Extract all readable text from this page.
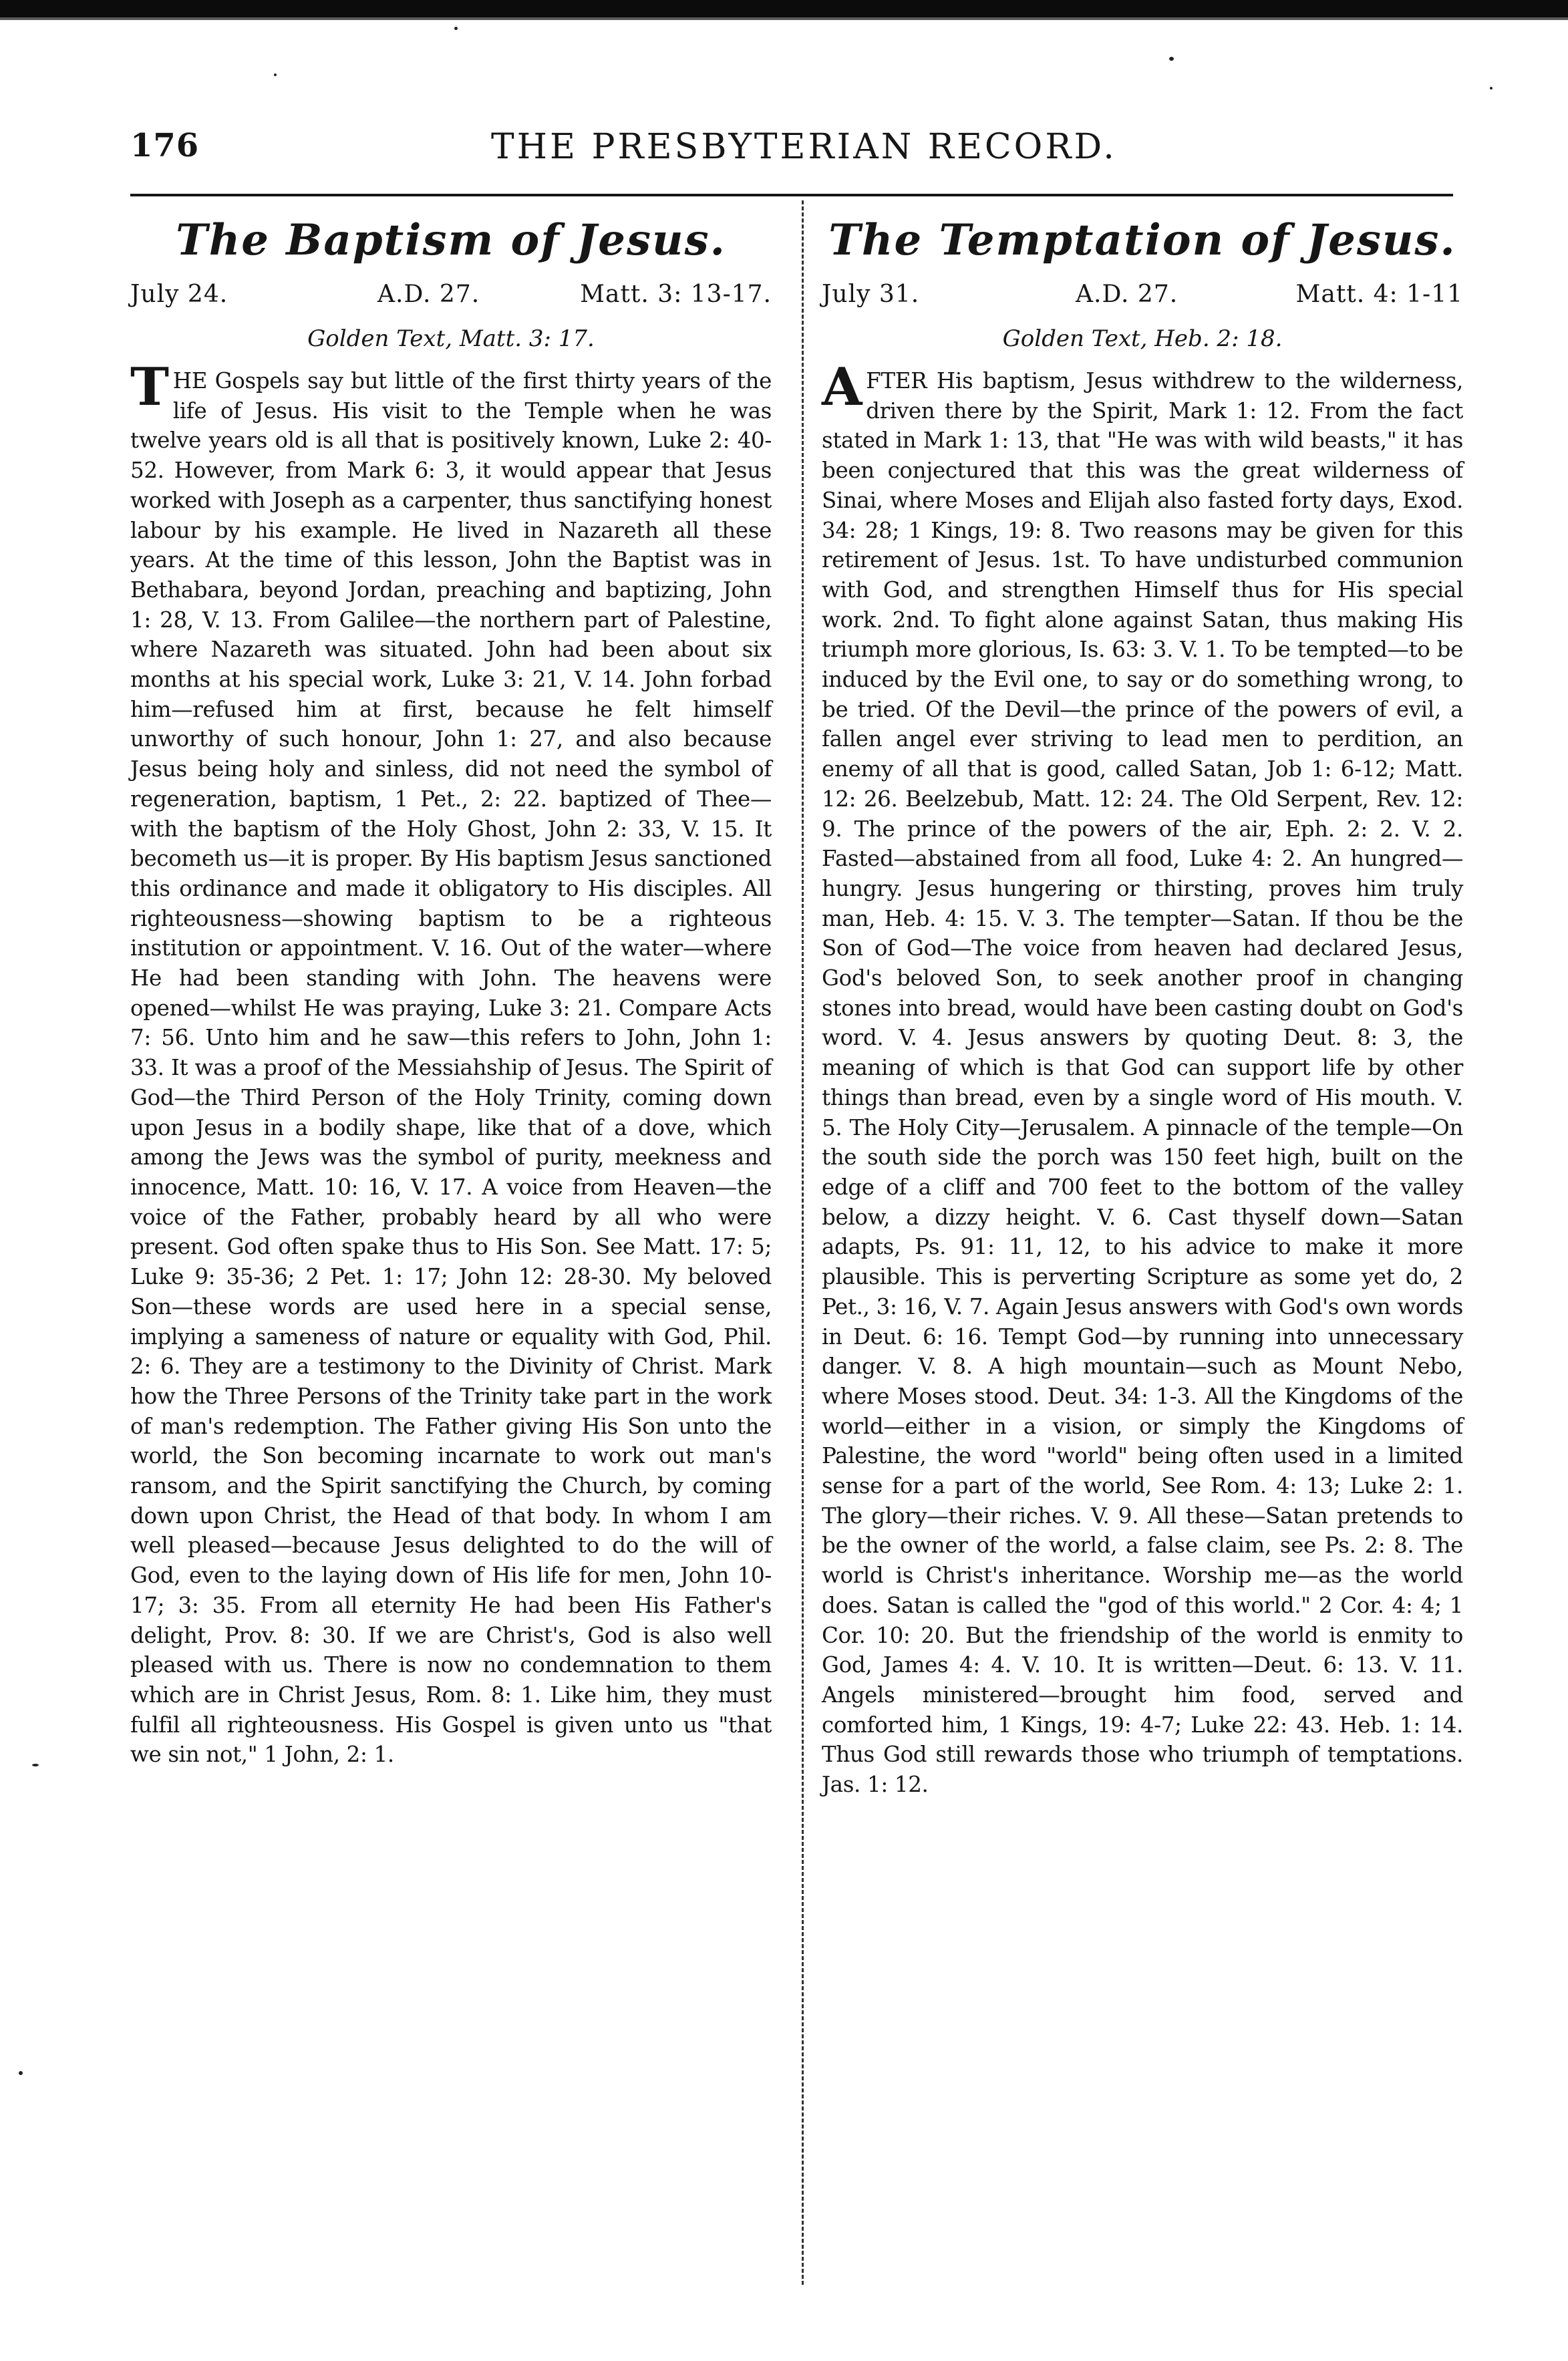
176	THE PRESBYTERIAN RECORD.
The Baptism of Jesus.
July 24.	A.D. 27.	Matt. 3: 13-17.
Golden Text, Matt. 3: 17.
THE Gospels say but little of the first thirty years of the life of Jesus. His visit to the Temple when he was twelve years old is all that is positively known, Luke 2: 40-52. However, from Mark 6: 3, it would appear that Jesus worked with Joseph as a carpenter, thus sanctifying honest labour by his example. He lived in Nazareth all these years. At the time of this lesson, John the Baptist was in Bethabara, beyond Jordan, preaching and baptizing, John 1: 28, V. 13. From Galilee—the northern part of Palestine, where Nazareth was situated. John had been about six months at his special work, Luke 3: 21, V. 14. John forbad him—refused him at first, because he felt himself unworthy of such honour, John 1: 27, and also because Jesus being holy and sinless, did not need the symbol of regeneration, baptism, 1 Pet., 2: 22. baptized of Thee—with the baptism of the Holy Ghost, John 2: 33, V. 15. It becometh us—it is proper. By His baptism Jesus sanctioned this ordinance and made it obligatory to His disciples. All righteousness—showing baptism to be a righteous institution or appointment. V. 16. Out of the water—where He had been standing with John. The heavens were opened—whilst He was praying, Luke 3: 21. Compare Acts 7: 56. Unto him and he saw—this refers to John, John 1: 33. It was a proof of the Messiahship of Jesus. The Spirit of God—the Third Person of the Holy Trinity, coming down upon Jesus in a bodily shape, like that of a dove, which among the Jews was the symbol of purity, meekness and innocence, Matt. 10: 16, V. 17. A voice from Heaven—the voice of the Father, probably heard by all who were present. God often spake thus to His Son. See Matt. 17: 5; Luke 9: 35-36; 2 Pet. 1: 17; John 12: 28-30. My beloved Son—these words are used here in a special sense, implying a sameness of nature or equality with God, Phil. 2: 6. They are a testimony to the Divinity of Christ. Mark how the Three Persons of the Trinity take part in the work of man's redemption. The Father giving His Son unto the world, the Son becoming incarnate to work out man's ransom, and the Spirit sanctifying the Church, by coming down upon Christ, the Head of that body. In whom I am well pleased—because Jesus delighted to do the will of God, even to the laying down of His life for men, John 10-17; 3: 35. From all eternity He had been His Father's delight, Prov. 8: 30. If we are Christ's, God is also well pleased with us. There is now no condemnation to them which are in Christ Jesus, Rom. 8: 1. Like him, they must fulfil all righteousness. His Gospel is given unto us "that we sin not," 1 John, 2: 1.
The Temptation of Jesus.
July 31.	A.D. 27.	Matt. 4: 1-11
Golden Text, Heb. 2: 18.
AFTER His baptism, Jesus withdrew to the wilderness, driven there by the Spirit, Mark 1: 12. From the fact stated in Mark 1: 13, that "He was with wild beasts," it has been conjectured that this was the great wilderness of Sinai, where Moses and Elijah also fasted forty days, Exod. 34: 28; 1 Kings, 19: 8. Two reasons may be given for this retirement of Jesus. 1st. To have undisturbed communion with God, and strengthen Himself thus for His special work. 2nd. To fight alone against Satan, thus making His triumph more glorious, Is. 63: 3. V. 1. To be tempted—to be induced by the Evil one, to say or do something wrong, to be tried. Of the Devil—the prince of the powers of evil, a fallen angel ever striving to lead men to perdition, an enemy of all that is good, called Satan, Job 1: 6-12; Matt. 12: 26. Beelzebub, Matt. 12: 24. The Old Serpent, Rev. 12: 9. The prince of the powers of the air, Eph. 2: 2. V. 2. Fasted—abstained from all food, Luke 4: 2. An hungred—hungry. Jesus hungering or thirsting, proves him truly man, Heb. 4: 15. V. 3. The tempter—Satan. If thou be the Son of God—The voice from heaven had declared Jesus, God's beloved Son, to seek another proof in changing stones into bread, would have been casting doubt on God's word. V. 4. Jesus answers by quoting Deut. 8: 3, the meaning of which is that God can support life by other things than bread, even by a single word of His mouth. V. 5. The Holy City—Jerusalem. A pinnacle of the temple—On the south side the porch was 150 feet high, built on the edge of a cliff and 700 feet to the bottom of the valley below, a dizzy height. V. 6. Cast thyself down—Satan adapts, Ps. 91: 11, 12, to his advice to make it more plausible. This is perverting Scripture as some yet do, 2 Pet., 3: 16, V. 7. Again Jesus answers with God's own words in Deut. 6: 16. Tempt God—by running into unnecessary danger. V. 8. A high mountain—such as Mount Nebo, where Moses stood. Deut. 34: 1-3. All the Kingdoms of the world—either in a vision, or simply the Kingdoms of Palestine, the word "world" being often used in a limited sense for a part of the world, See Rom. 4: 13; Luke 2: 1. The glory—their riches. V. 9. All these—Satan pretends to be the owner of the world, a false claim, see Ps. 2: 8. The world is Christ's inheritance. Worship me—as the world does. Satan is called the "god of this world." 2 Cor. 4: 4; 1 Cor. 10: 20. But the friendship of the world is enmity to God, James 4: 4. V. 10. It is written—Deut. 6: 13. V. 11. Angels ministered—brought him food, served and comforted him, 1 Kings, 19: 4-7; Luke 22: 43. Heb. 1: 14. Thus God still rewards those who triumph of temptations. Jas. 1: 12.
